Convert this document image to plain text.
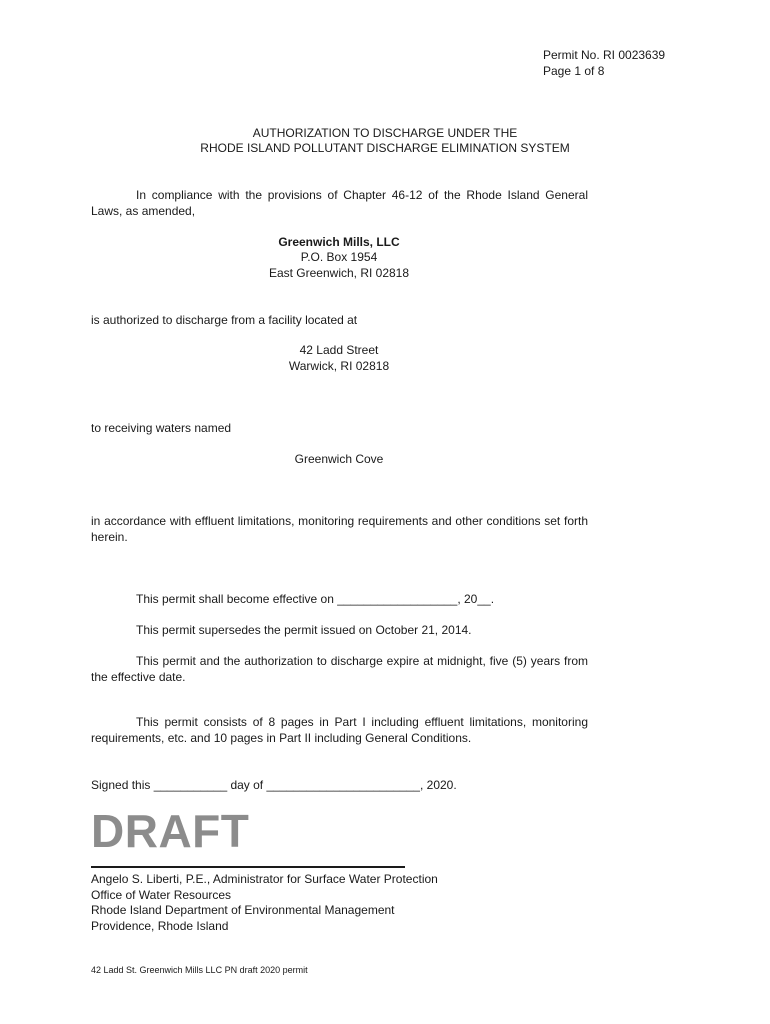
Permit No. RI 0023639
Page 1 of 8
AUTHORIZATION TO DISCHARGE UNDER THE
RHODE ISLAND POLLUTANT DISCHARGE ELIMINATION SYSTEM
In compliance with the provisions of Chapter 46-12 of the Rhode Island General Laws, as amended,
Greenwich Mills, LLC
P.O. Box 1954
East Greenwich, RI 02818
is authorized to discharge from a facility located at
42 Ladd Street
Warwick, RI 02818
to receiving waters named
Greenwich Cove
in accordance with effluent limitations, monitoring requirements and other conditions set forth herein.
This permit shall become effective on __________________, 20__.
This permit supersedes the permit issued on October 21, 2014.
This permit and the authorization to discharge expire at midnight, five (5) years from the effective date.
This permit consists of 8 pages in Part I including effluent limitations, monitoring requirements, etc. and 10 pages in Part II including General Conditions.
Signed this ___________ day of _______________________, 2020.
DRAFT
Angelo S. Liberti, P.E., Administrator for Surface Water Protection
Office of Water Resources
Rhode Island Department of Environmental Management
Providence, Rhode Island
42 Ladd St. Greenwich Mills LLC PN draft 2020 permit
